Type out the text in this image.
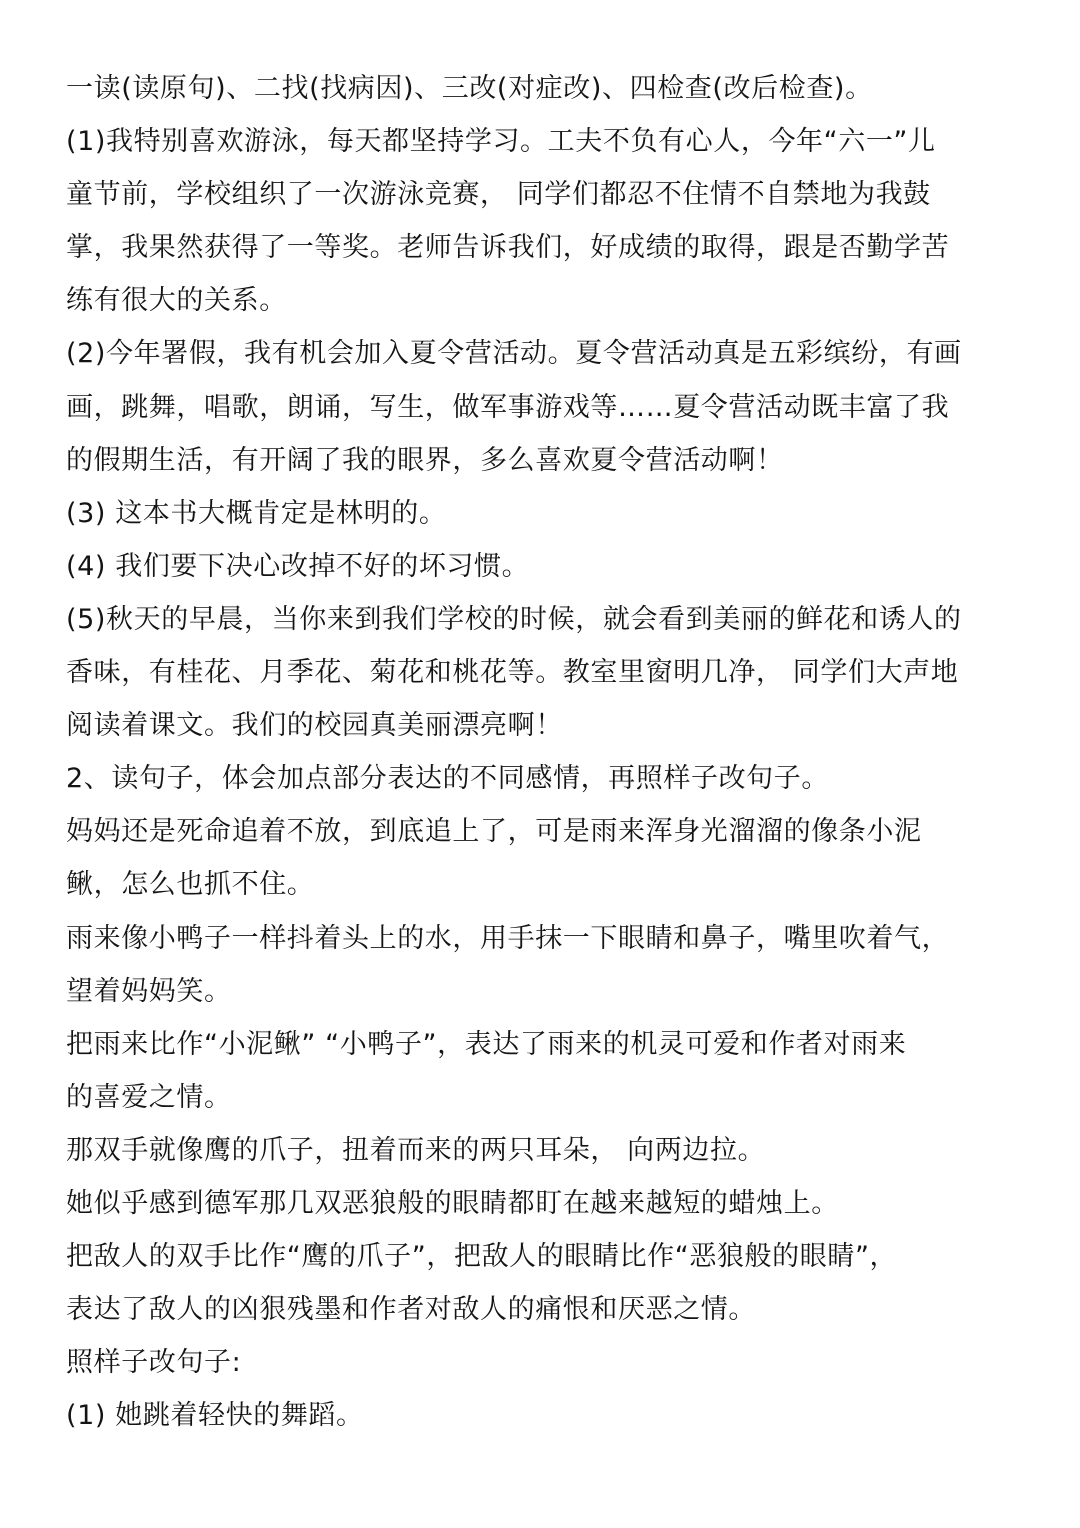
一读(读原句)、二找(找病因)、三改(对症改)、四检查(改后检查)。
(1)我特别喜欢游泳，每天都坚持学习。工夫不负有心人，今年“六一”儿
童节前，学校组织了一次游泳竞赛， 同学们都忍不住情不自禁地为我鼓
掌，我果然获得了一等奖。老师告诉我们，好成绩的取得，跟是否勤学苦
练有很大的关系。
(2)今年署假，我有机会加入夏令营活动。夏令营活动真是五彩缤纷，有画
画，跳舞，唱歌，朗诵，写生，做军事游戏等……夏令营活动既丰富了我
的假期生活，有开阔了我的眼界，多么喜欢夏令营活动啊！
(3) 这本书大概肯定是林明的。
(4) 我们要下决心改掉不好的坏习惯。
(5)秋天的早晨，当你来到我们学校的时候，就会看到美丽的鲜花和诱人的
香味，有桂花、月季花、菊花和桃花等。教室里窗明几净， 同学们大声地
阅读着课文。我们的校园真美丽漂亮啊！
2、读句子，体会加点部分表达的不同感情，再照样子改句子。
妈妈还是死命追着不放，到底追上了，可是雨来浑身光溜溜的像条小泥
鳅，怎么也抓不住。
雨来像小鸭子一样抖着头上的水，用手抹一下眼睛和鼻子，嘴里吹着气，
望着妈妈笑。
把雨来比作“小泥鳅” “小鸭子”，表达了雨来的机灵可爱和作者对雨来
的喜爱之情。
那双手就像鹰的爪子，扭着而来的两只耳朵， 向两边拉。
她似乎感到德军那几双恶狼般的眼睛都盯在越来越短的蜡烛上。
把敌人的双手比作“鹰的爪子”，把敌人的眼睛比作“恶狼般的眼睛”，
表达了敌人的凶狠残墨和作者对敌人的痛恨和厌恶之情。
照样子改句子:
(1) 她跳着轻快的舞蹈。
